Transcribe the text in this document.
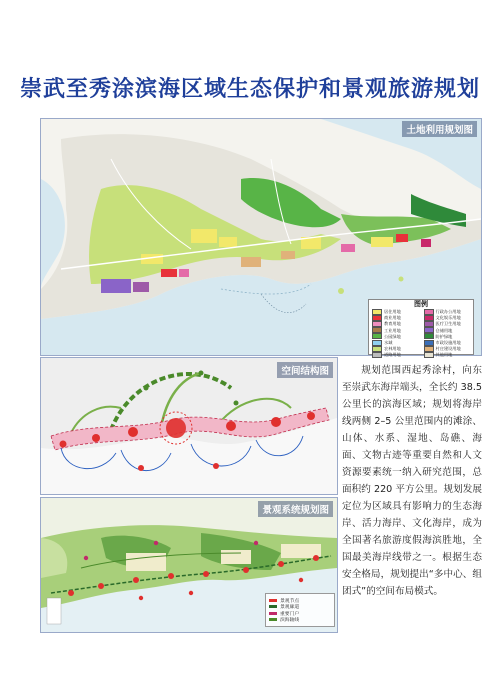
崇武至秀涂滨海区域生态保护和景观旅游规划
土地利用规划图
图例
居住用地	行政办公用地
商业用地	文化娱乐用地
教育用地	医疗卫生用地
工业用地	仓储用地
公园绿地	防护绿地
水域	市政设施用地
农林用地	村庄建设用地
道路用地	其他用地
空间结构图	规划范围西起秀涂村，向东至崇武东海岸端头，全长约 38.5 公里长的滨海区域；规划将海岸线两侧 2–5 公里范围内的滩涂、山体、水系、湿地、岛礁、海面、文物古迹等重要自然和人文资源要素统一纳入研究范围，总面积约 220 平方公里。规划发展定位为区域具有影响力的生态海岸、活力海岸、文化海岸，成为全国著名旅游度假海滨胜地，全国最美海岸线带之一。根据生态安全格局，规划提出“多中心、组团式”的空间布局模式。
景观系统规划图
景观节点
景观廊道
重要门户
滨海轴线
